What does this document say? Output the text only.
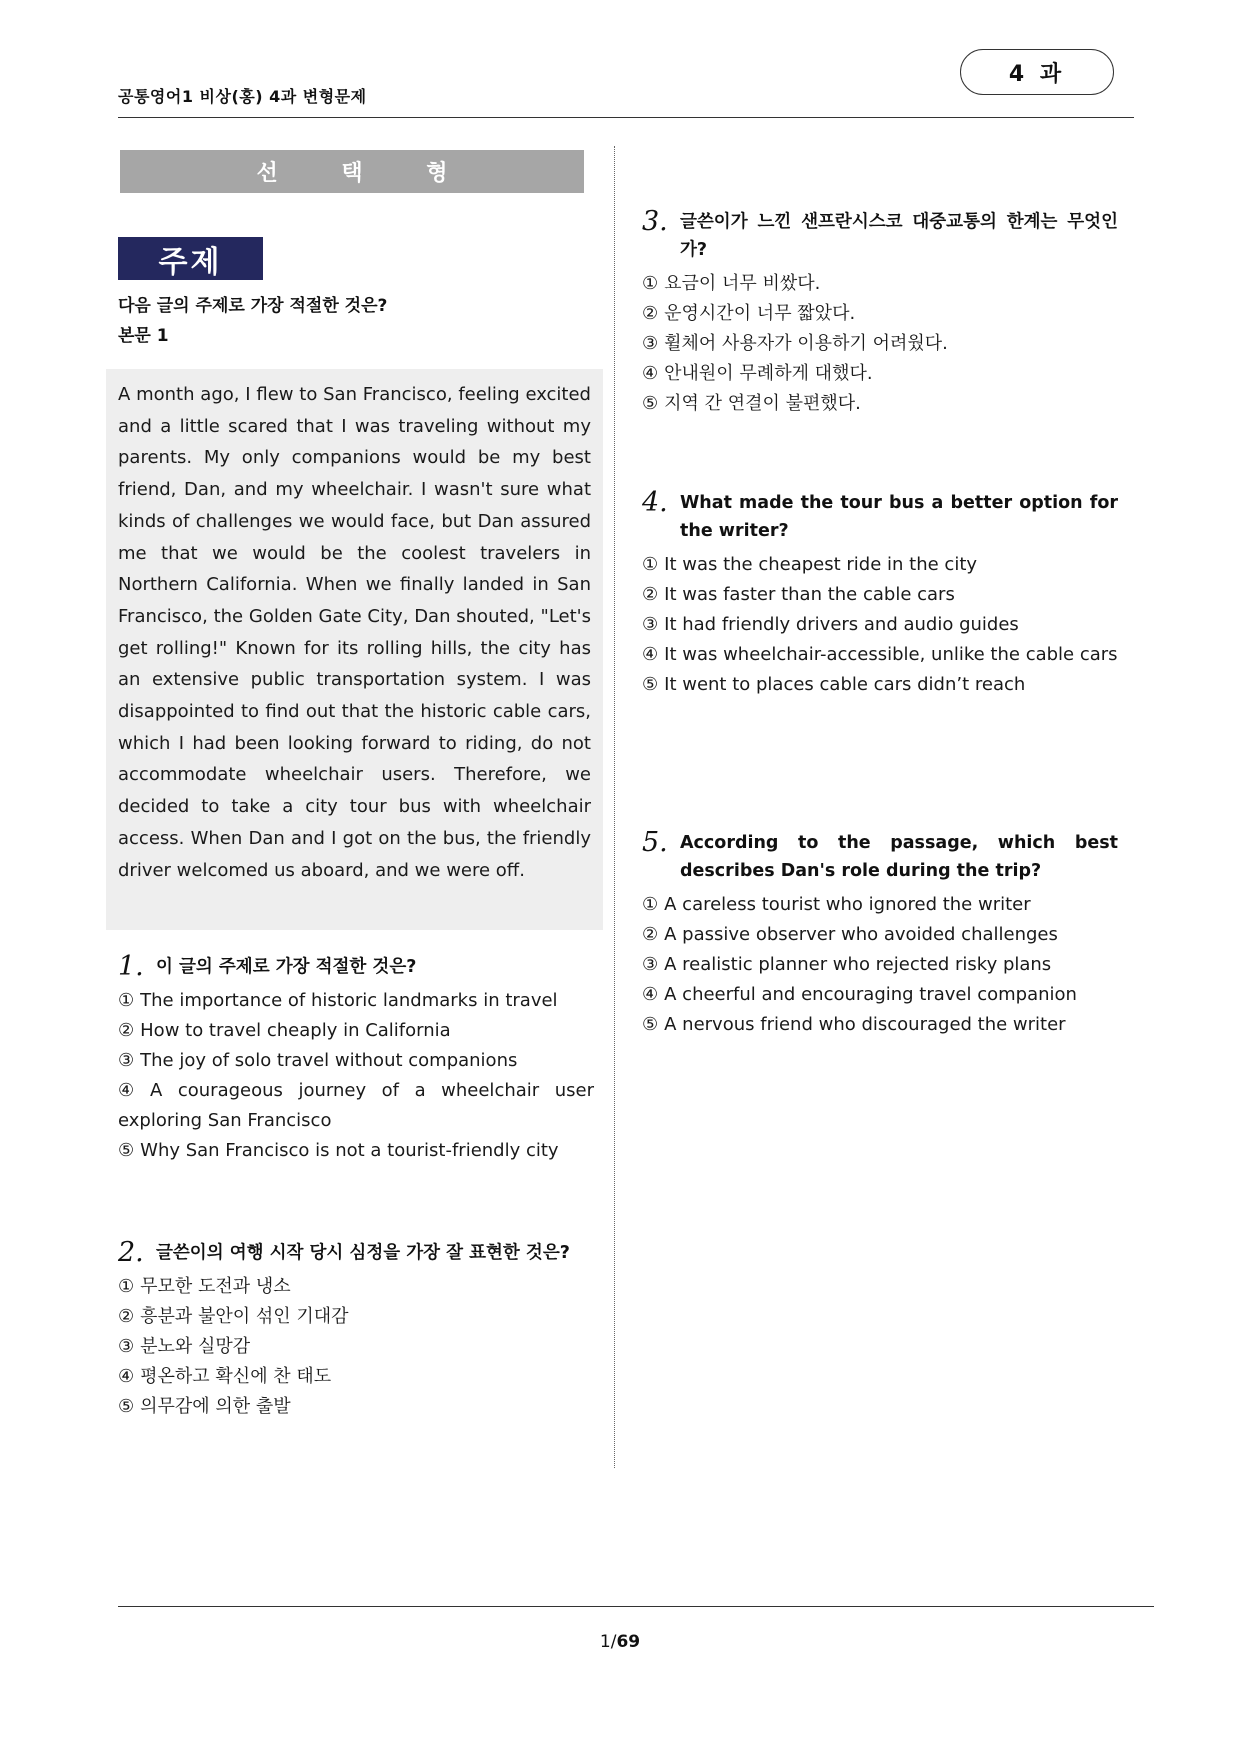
공통영어1 비상(홍) 4과 변형문제
4 과
선 택 형
주제
다음 글의 주제로 가장 적절한 것은?
본문 1
A month ago, I flew to San Francisco, feeling excited and a little scared that I was traveling without my parents. My only companions would be my best friend, Dan, and my wheelchair. I wasn't sure what kinds of challenges we would face, but Dan assured me that we would be the coolest travelers in Northern California. When we finally landed in San Francisco, the Golden Gate City, Dan shouted, "Let's get rolling!" Known for its rolling hills, the city has an extensive public transportation system. I was disappointed to find out that the historic cable cars, which I had been looking forward to riding, do not accommodate wheelchair users. Therefore, we decided to take a city tour bus with wheelchair access. When Dan and I got on the bus, the friendly driver welcomed us aboard, and we were off.
1. 이 글의 주제로 가장 적절한 것은?
① The importance of historic landmarks in travel
② How to travel cheaply in California
③ The joy of solo travel without companions
④ A courageous journey of a wheelchair user exploring San Francisco
⑤ Why San Francisco is not a tourist-friendly city
2. 글쓴이의 여행 시작 당시 심정을 가장 잘 표현한 것은?
① 무모한 도전과 냉소
② 흥분과 불안이 섞인 기대감
③ 분노와 실망감
④ 평온하고 확신에 찬 태도
⑤ 의무감에 의한 출발
3. 글쓴이가 느낀 샌프란시스코 대중교통의 한계는 무엇인가?
① 요금이 너무 비쌌다.
② 운영시간이 너무 짧았다.
③ 휠체어 사용자가 이용하기 어려웠다.
④ 안내원이 무례하게 대했다.
⑤ 지역 간 연결이 불편했다.
4. What made the tour bus a better option for the writer?
① It was the cheapest ride in the city
② It was faster than the cable cars
③ It had friendly drivers and audio guides
④ It was wheelchair-accessible, unlike the cable cars
⑤ It went to places cable cars didn’t reach
5. According to the passage, which best describes Dan's role during the trip?
① A careless tourist who ignored the writer
② A passive observer who avoided challenges
③ A realistic planner who rejected risky plans
④ A cheerful and encouraging travel companion
⑤ A nervous friend who discouraged the writer
1/69
